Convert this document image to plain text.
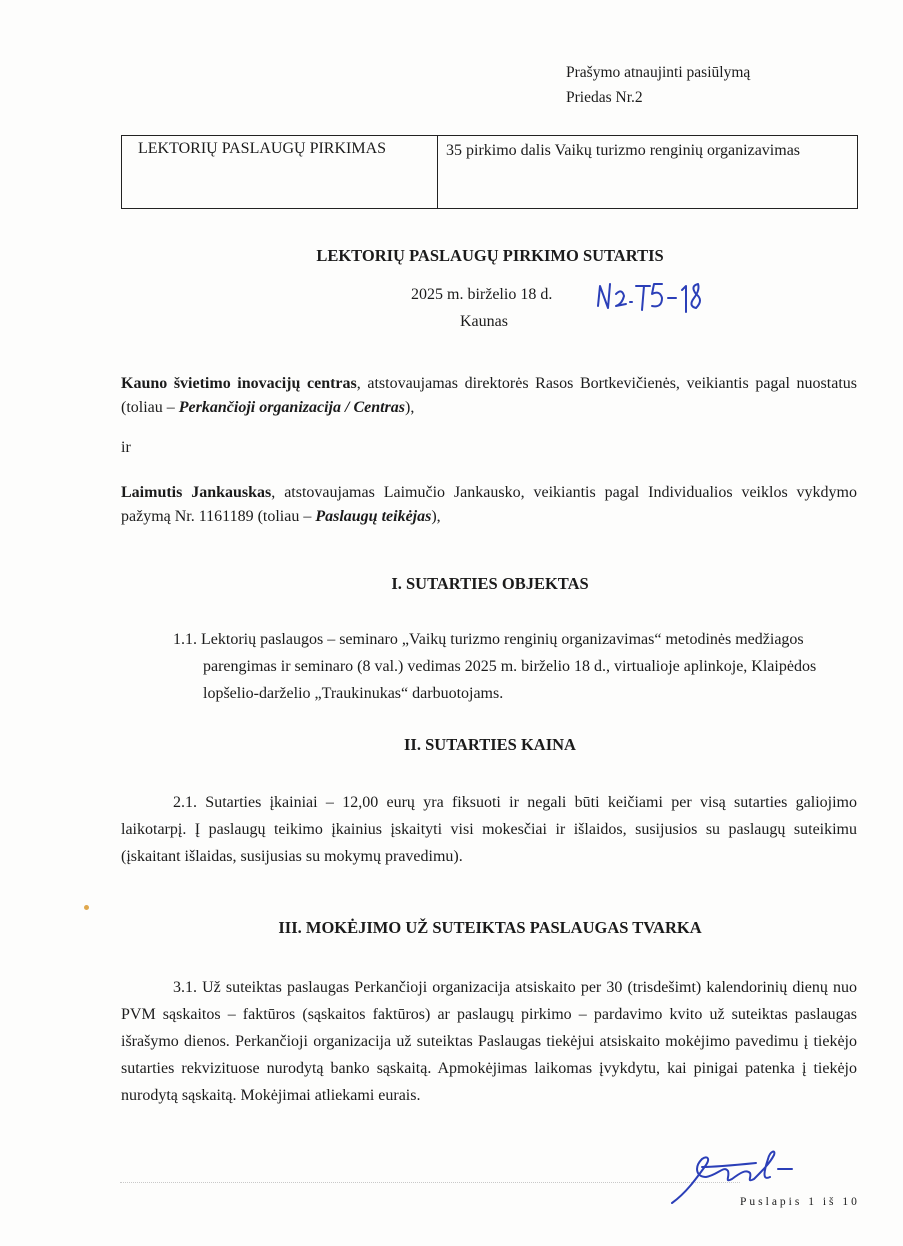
Prašymo atnaujinti pasiūlymą
Priedas Nr.2
LEKTORIŲ PASLAUGŲ PIRKIMAS	35 pirkimo dalis Vaikų turizmo renginių organizavimas
LEKTORIŲ PASLAUGŲ PIRKIMO SUTARTIS
2025 m. birželio 18 d.
Kaunas
Kauno švietimo inovacijų centras, atstovaujamas direktorės Rasos Bortkevičienės, veikiantis pagal nuostatus (toliau – Perkančioji organizacija / Centras),
ir
Laimutis Jankauskas, atstovaujamas Laimučio Jankausko, veikiantis pagal Individualios veiklos vykdymo pažymą Nr. 1161189 (toliau – Paslaugų teikėjas),
I. SUTARTIES OBJEKTAS
1.1. Lektorių paslaugos – seminaro „Vaikų turizmo renginių organizavimas“ metodinės medžiagos parengimas ir seminaro (8 val.) vedimas 2025 m. birželio 18 d., virtualioje aplinkoje, Klaipėdos lopšelio-darželio „Traukinukas“ darbuotojams.
II. SUTARTIES KAINA
2.1. Sutarties įkainiai – 12,00 eurų yra fiksuoti ir negali būti keičiami per visą sutarties galiojimo laikotarpį. Į paslaugų teikimo įkainius įskaityti visi mokesčiai ir išlaidos, susijusios su paslaugų suteikimu (įskaitant išlaidas, susijusias su mokymų pravedimu).
III. MOKĖJIMO UŽ SUTEIKTAS PASLAUGAS TVARKA
3.1. Už suteiktas paslaugas Perkančioji organizacija atsiskaito per 30 (trisdešimt) kalendorinių dienų nuo PVM sąskaitos – faktūros (sąskaitos faktūros) ar paslaugų pirkimo – pardavimo kvito už suteiktas paslaugas išrašymo dienos. Perkančioji organizacija už suteiktas Paslaugas tiekėjui atsiskaito mokėjimo pavedimu į tiekėjo sutarties rekvizituose nurodytą banko sąskaitą. Apmokėjimas laikomas įvykdytu, kai pinigai patenka į tiekėjo nurodytą sąskaitą. Mokėjimai atliekami eurais.
Puslapis 1 iš 10
